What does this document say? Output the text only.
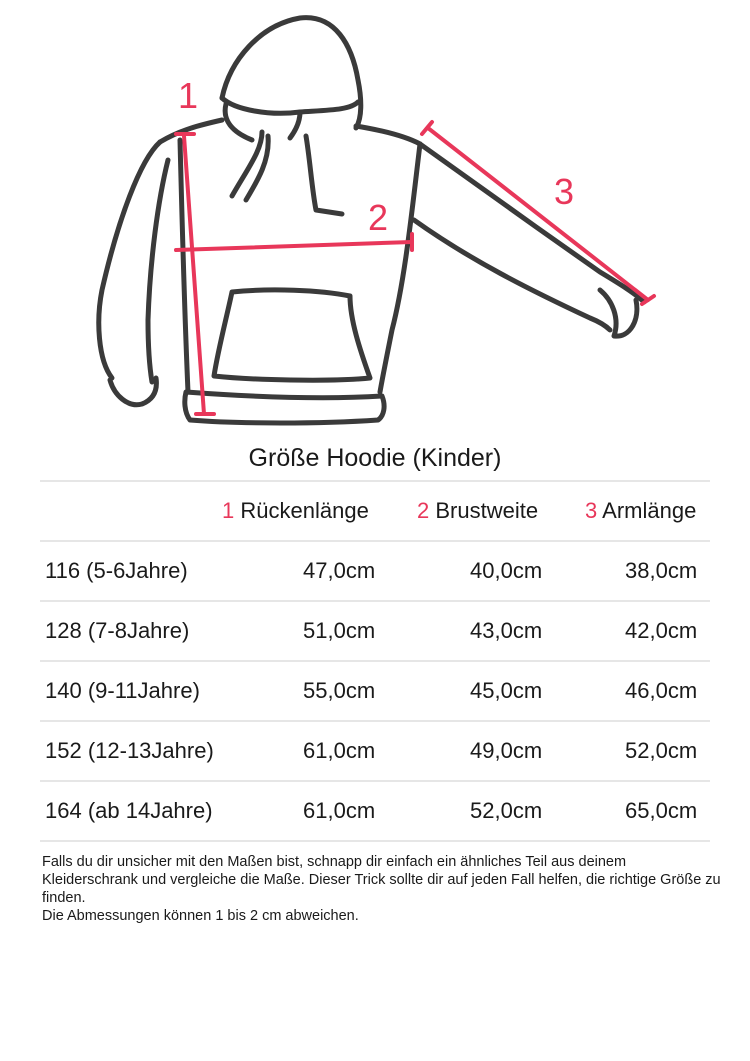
1
2
3
Größe Hoodie (Kinder)
1 Rückenlänge 2 Brustweite 3 Armlänge
116 (5-6Jahre)	47,0cm	40,0cm	38,0cm
128 (7-8Jahre)	51,0cm	43,0cm	42,0cm
140 (9-11Jahre)	55,0cm	45,0cm	46,0cm
152 (12-13Jahre)	61,0cm	49,0cm	52,0cm
164 (ab 14Jahre)	61,0cm	52,0cm	65,0cm

Falls du dir unsicher mit den Maßen bist, schnapp dir einfach ein ähnliches Teil aus deinem Kleiderschrank und vergleiche die Maße. Dieser Trick sollte dir auf jeden Fall helfen, die richtige Größe zu finden.

Die Abmessungen können 1 bis 2 cm abweichen.
